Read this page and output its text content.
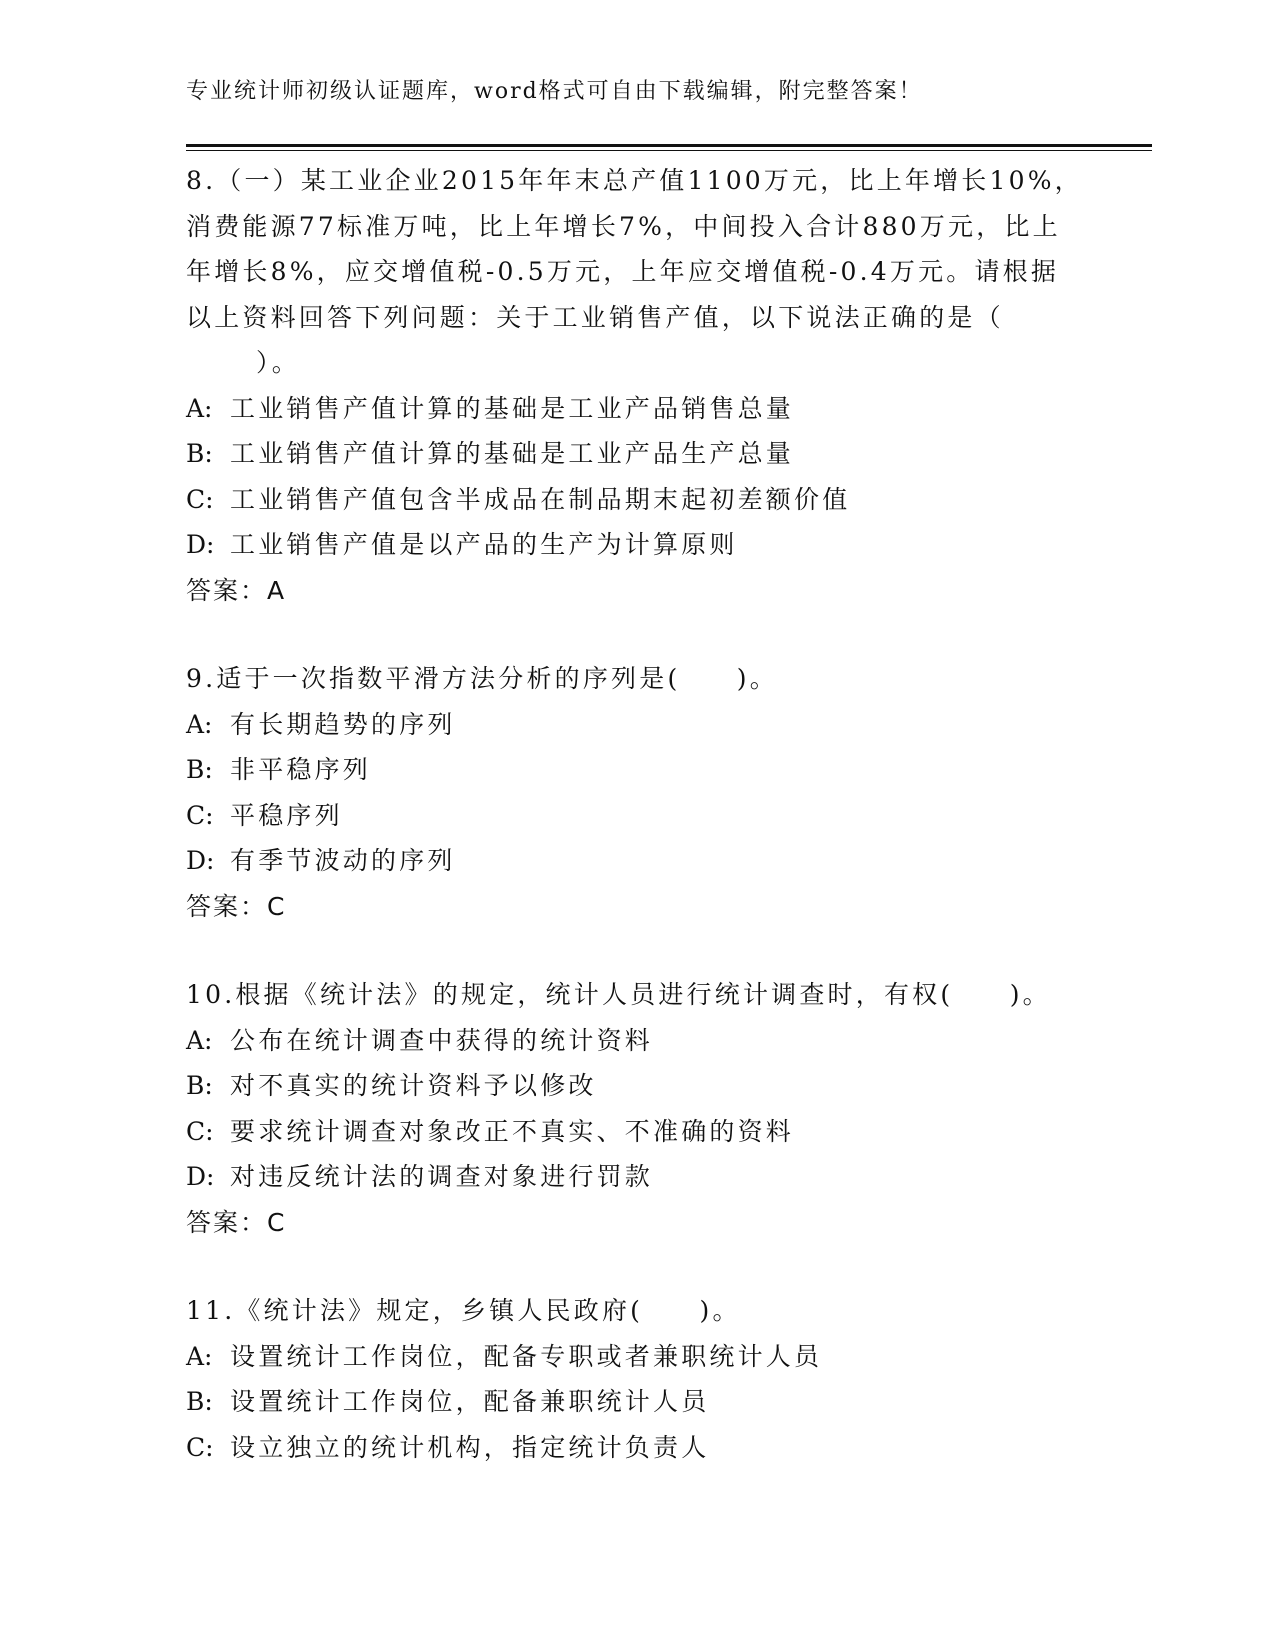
专业统计师初级认证题库，word格式可自由下载编辑，附完整答案！

8.（一）某工业企业2015年年末总产值1100万元，比上年增长10%，

消费能源77标准万吨，比上年增长7%，中间投入合计880万元，比上

年增长8%，应交增值税-0.5万元，上年应交增值税-0.4万元。请根据

以上资料回答下列问题：关于工业销售产值，以下说法正确的是（

）。

A: 工业销售产值计算的基础是工业产品销售总量

B: 工业销售产值计算的基础是工业产品生产总量

C: 工业销售产值包含半成品在制品期末起初差额价值

D: 工业销售产值是以产品的生产为计算原则

答案：A

9.适于一次指数平滑方法分析的序列是(　　)。

A: 有长期趋势的序列

B: 非平稳序列

C: 平稳序列

D: 有季节波动的序列

答案：C

10.根据《统计法》的规定，统计人员进行统计调查时，有权(　　)。

A: 公布在统计调查中获得的统计资料

B: 对不真实的统计资料予以修改

C: 要求统计调查对象改正不真实、不准确的资料

D: 对违反统计法的调查对象进行罚款

答案：C

11.《统计法》规定，乡镇人民政府(　　)。

A: 设置统计工作岗位，配备专职或者兼职统计人员

B: 设置统计工作岗位，配备兼职统计人员

C: 设立独立的统计机构，指定统计负责人
